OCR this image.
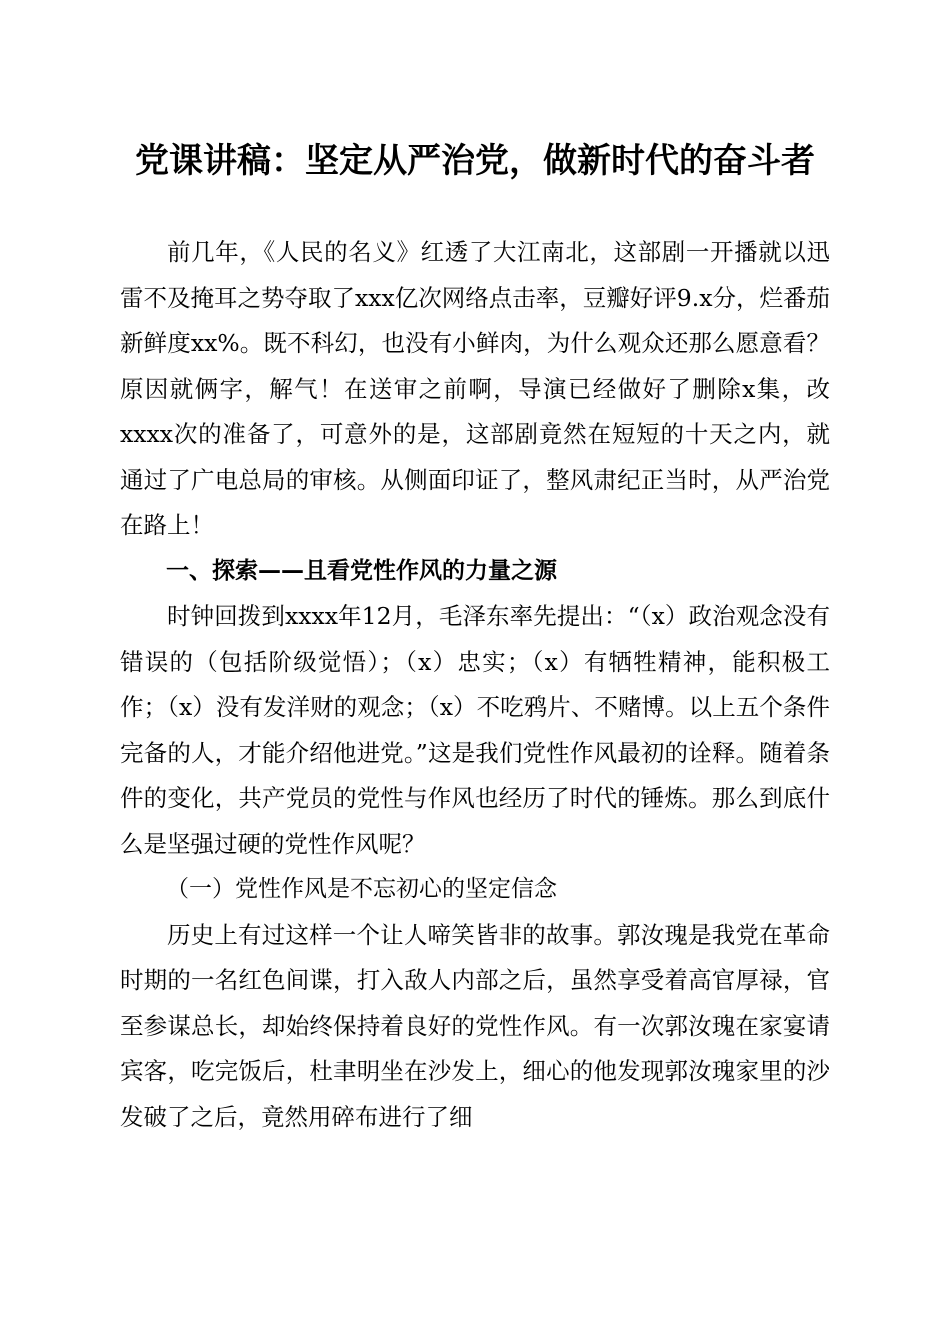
党课讲稿：坚定从严治党，做新时代的奋斗者

前几年，《人民的名义》红透了大江南北，这部剧一开播就以迅雷不及掩耳之势夺取了xxx亿次网络点击率，豆瓣好评9.x分，烂番茄新鲜度xx%。既不科幻，也没有小鲜肉，为什么观众还那么愿意看？原因就俩字，解气！在送审之前啊，导演已经做好了删除x集，改xxxx次的准备了，可意外的是，这部剧竟然在短短的十天之内，就通过了广电总局的审核。从侧面印证了，整风肃纪正当时，从严治党在路上！

一、探索——且看党性作风的力量之源

时钟回拨到xxxx年12月，毛泽东率先提出：“（x）政治观念没有错误的（包括阶级觉悟）；（x）忠实；（x）有牺牲精神，能积极工作；（x）没有发洋财的观念；（x）不吃鸦片、不赌博。以上五个条件完备的人，才能介绍他进党。”这是我们党性作风最初的诠释。随着条件的变化，共产党员的党性与作风也经历了时代的锤炼。那么到底什么是坚强过硬的党性作风呢？

（一）党性作风是不忘初心的坚定信念

历史上有过这样一个让人啼笑皆非的故事。郭汝瑰是我党在革命时期的一名红色间谍，打入敌人内部之后，虽然享受着高官厚禄，官至参谋总长，却始终保持着良好的党性作风。有一次郭汝瑰在家宴请宾客，吃完饭后，杜聿明坐在沙发上，细心的他发现郭汝瑰家里的沙发破了之后，竟然用碎布进行了细
